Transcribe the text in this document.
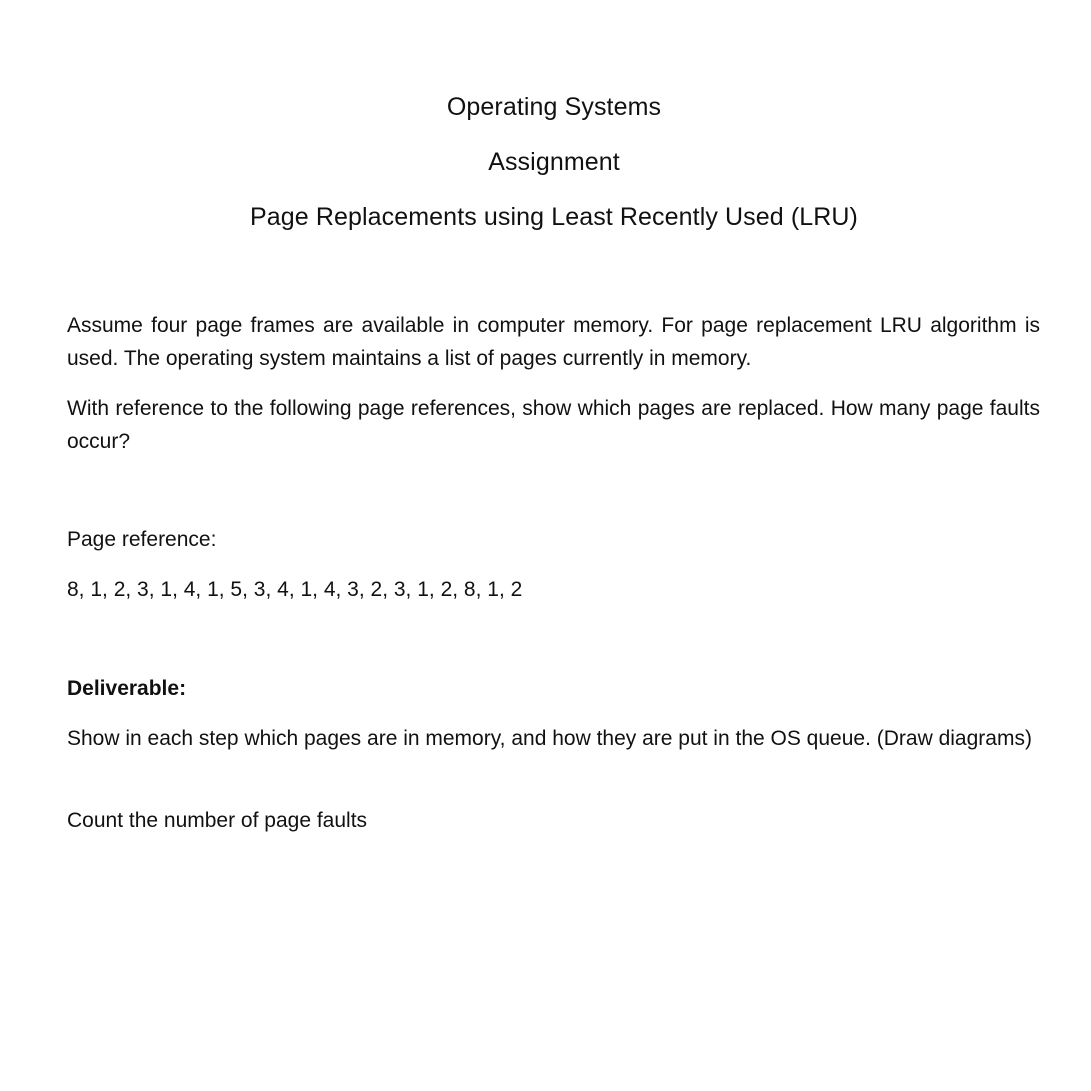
Operating Systems
Assignment
Page Replacements using Least Recently Used (LRU)

Assume four page frames are available in computer memory. For page replacement LRU algorithm is used. The operating system maintains a list of pages currently in memory.

With reference to the following page references, show which pages are replaced. How many page faults occur?

Page reference:

8, 1, 2, 3, 1, 4, 1, 5, 3, 4, 1, 4, 3, 2, 3, 1, 2, 8, 1, 2

Deliverable:

Show in each step which pages are in memory, and how they are put in the OS queue. (Draw diagrams)

Count the number of page faults
